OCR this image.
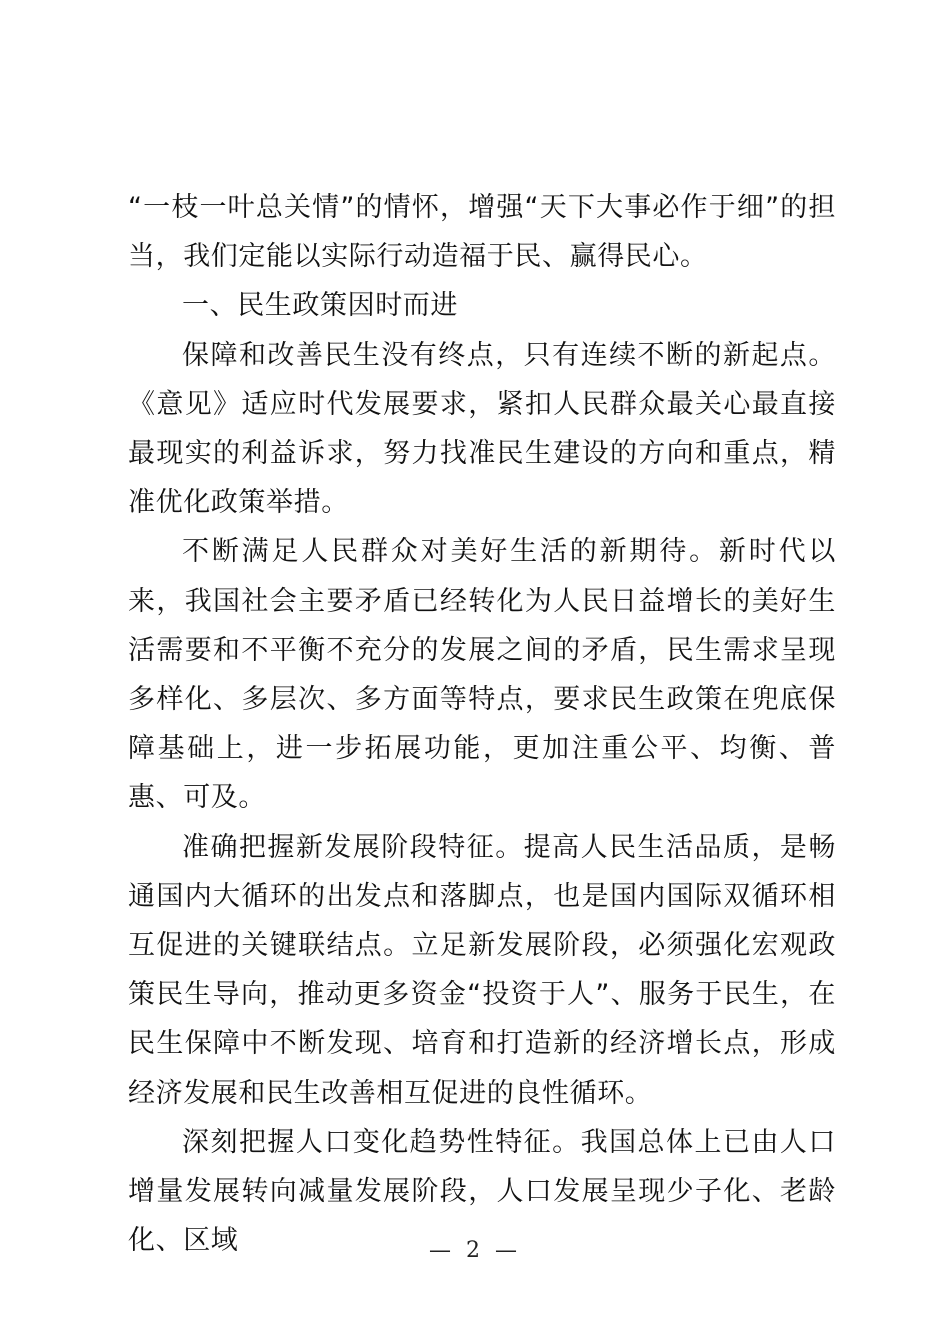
“一枝一叶总关情”的情怀，增强“天下大事必作于细”的担当，我们定能以实际行动造福于民、赢得民心。

一、民生政策因时而进

保障和改善民生没有终点，只有连续不断的新起点。《意见》适应时代发展要求，紧扣人民群众最关心最直接最现实的利益诉求，努力找准民生建设的方向和重点，精准优化政策举措。

不断满足人民群众对美好生活的新期待。新时代以来，我国社会主要矛盾已经转化为人民日益增长的美好生活需要和不平衡不充分的发展之间的矛盾，民生需求呈现多样化、多层次、多方面等特点，要求民生政策在兜底保障基础上，进一步拓展功能，更加注重公平、均衡、普惠、可及。

准确把握新发展阶段特征。提高人民生活品质，是畅通国内大循环的出发点和落脚点，也是国内国际双循环相互促进的关键联结点。立足新发展阶段，必须强化宏观政策民生导向，推动更多资金“投资于人”、服务于民生，在民生保障中不断发现、培育和打造新的经济增长点，形成经济发展和民生改善相互促进的良性循环。

深刻把握人口变化趋势性特征。我国总体上已由人口增量发展转向减量发展阶段，人口发展呈现少子化、老龄化、区域	— 2 —
